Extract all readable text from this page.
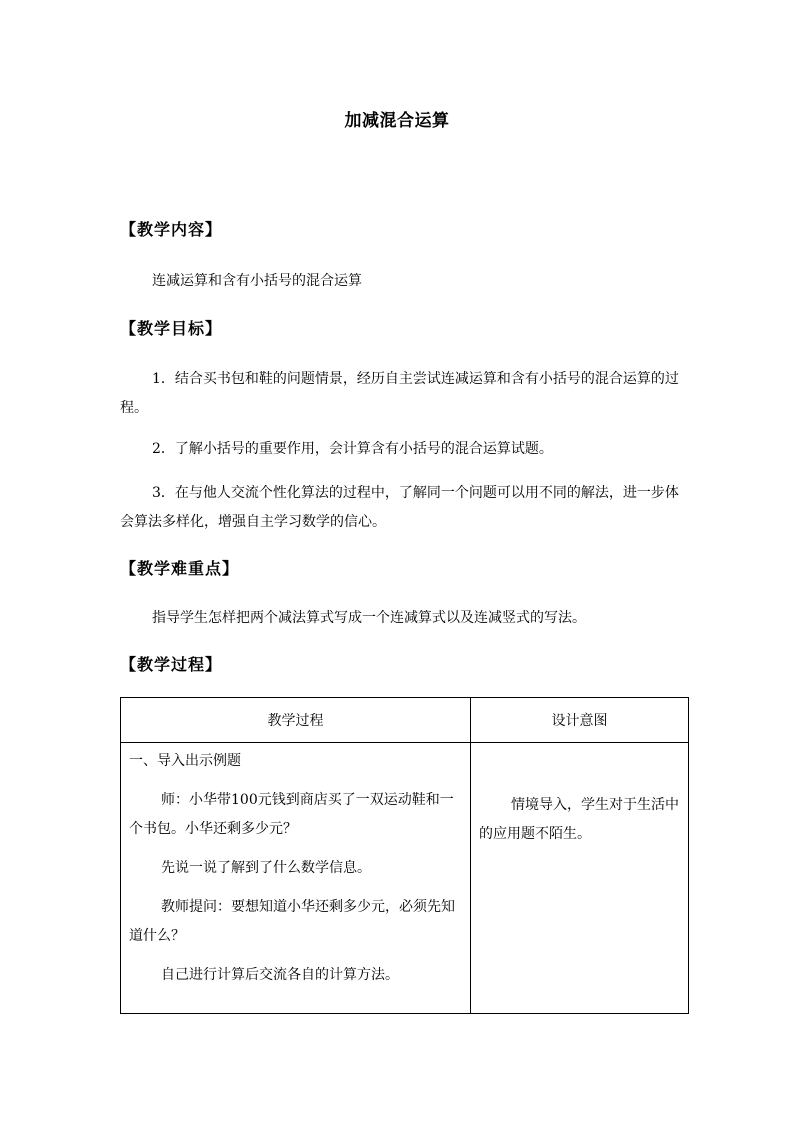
加减混合运算
【教学内容】
连减运算和含有小括号的混合运算
【教学目标】
1．结合买书包和鞋的问题情景，经历自主尝试连减运算和含有小括号的混合运算的过程。
2．了解小括号的重要作用，会计算含有小括号的混合运算试题。
3．在与他人交流个性化算法的过程中，了解同一个问题可以用不同的解法，进一步体会算法多样化，增强自主学习数学的信心。
【教学难重点】
指导学生怎样把两个减法算式写成一个连减算式以及连减竖式的写法。
【教学过程】
教学过程	设计意图

一、导入出示例题

师：小华带100元钱到商店买了一双运动鞋和一个书包。小华还剩多少元？

先说一说了解到了什么数学信息。

教师提问：要想知道小华还剩多少元，必须先知道什么？

自己进行计算后交流各自的计算方法。	情境导入，学生对于生活中的应用题不陌生。
